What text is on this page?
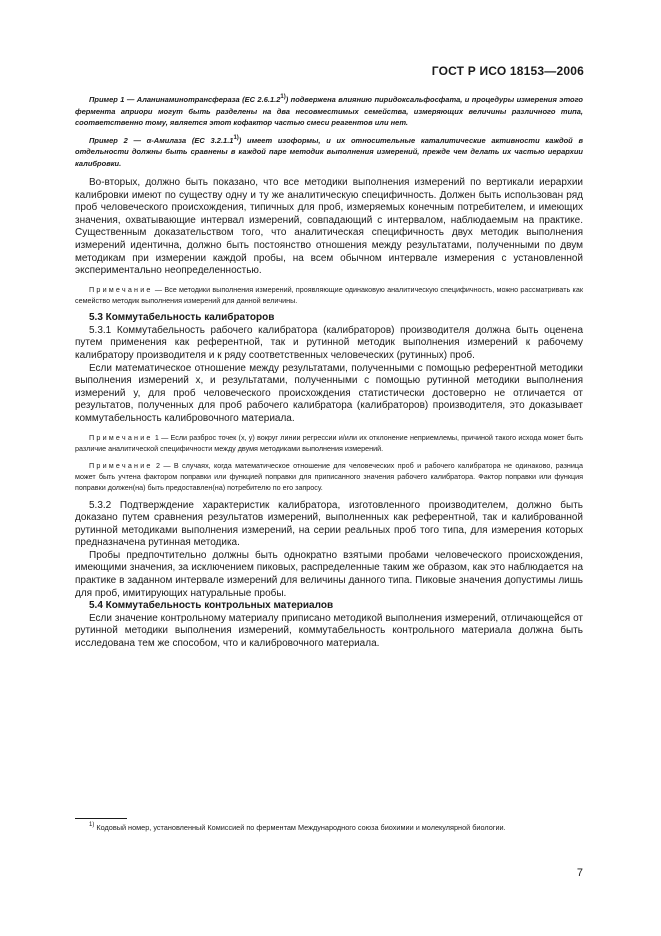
ГОСТ Р ИСО 18153—2006

Пример 1 — Аланинаминотрансфераза (ЕС 2.6.1.2$^{1)}$) подвержена влиянию пиридоксальфосфата, и процедуры измерения этого фермента априори могут быть разделены на два несовместимых семейства, измеряющих величины различного типа, соответственно тому, является этот кофактор частью смеси реагентов или нет.

Пример 2 — α-Амилаза (ЕС 3.2.1.1$^{1)}$) имеет изоформы, и их относительные каталитические активности каждой в отдельности должны быть сравнены в каждой паре методик выполнения измерений, прежде чем делать их частью иерархии калибровки.

Во-вторых, должно быть показано, что все методики выполнения измерений по вертикали иерархии калибровки имеют по существу одну и ту же аналитическую специфичность. Должен быть использован ряд проб человеческого происхождения, типичных для проб, измеряемых конечным потребителем, и имеющих значения, охватывающие интервал измерений, совпадающий с интервалом, наблюдаемым на практике. Существенным доказательством того, что аналитическая специфичность двух методик выполнения измерений идентична, должно быть постоянство отношения между результатами, полученными по двум методикам при измерении каждой пробы, на всем обычном интервале измерения с установленной экспериментально неопределенностью.

Примечание — Все методики выполнения измерений, проявляющие одинаковую аналитическую специфичность, можно рассматривать как семейство методик выполнения измерений для данной величины.

5.3 Коммутабельность калибраторов

5.3.1 Коммутабельность рабочего калибратора (калибраторов) производителя должна быть оценена путем применения как референтной, так и рутинной методик выполнения измерений к рабочему калибратору производителя и к ряду соответственных человеческих (рутинных) проб.

Если математическое отношение между результатами, полученными с помощью референтной методики выполнения измерений x, и результатами, полученными с помощью рутинной методики выполнения измерений y, для проб человеческого происхождения статистически достоверно не отличается от результатов, полученных для проб рабочего калибратора (калибраторов) производителя, это доказывает коммутабельность калибровочного материала.

Примечание 1 — Если разброс точек (x, y) вокруг линии регрессии и/или их отклонение неприемлемы, причиной такого исхода может быть различие аналитической специфичности между двумя методиками выполнения измерений.

Примечание 2 — В случаях, когда математическое отношение для человеческих проб и рабочего калибратора не одинаково, разница может быть учтена фактором поправки или функцией поправки для приписанного значения рабочего калибратора. Фактор поправки или функция поправки должен(на) быть предоставлен(на) потребителю по его запросу.

5.3.2 Подтверждение характеристик калибратора, изготовленного производителем, должно быть доказано путем сравнения результатов измерений, выполненных как референтной, так и калиброванной рутинной методиками выполнения измерений, на серии реальных проб того типа, для измерения которых предназначена рутинная методика.

Пробы предпочтительно должны быть однократно взятыми пробами человеческого происхождения, имеющими значения, за исключением пиковых, распределенные таким же образом, как это наблюдается на практике в заданном интервале измерений для величины данного типа. Пиковые значения допустимы лишь для проб, имитирующих натуральные пробы.

5.4 Коммутабельность контрольных материалов

Если значение контрольному материалу приписано методикой выполнения измерений, отличающейся от рутинной методики выполнения измерений, коммутабельность контрольного материала должна быть исследована тем же способом, что и калибровочного материала.

$^{1)}$ Кодовый номер, установленный Комиссией по ферментам Международного союза биохимии и молекулярной биологии.

7
